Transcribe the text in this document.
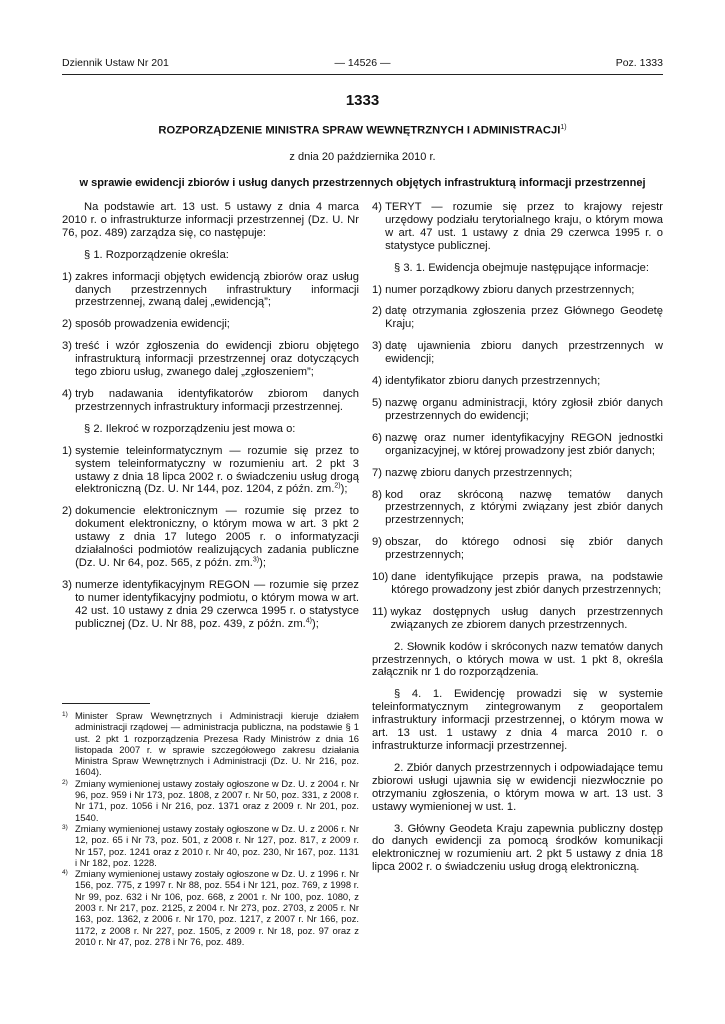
Dziennik Ustaw Nr 201	— 14526 —	Poz. 1333
1333
ROZPORZĄDZENIE MINISTRA SPRAW WEWNĘTRZNYCH I ADMINISTRACJI$^{1)}$
z dnia 20 października 2010 r.
w sprawie ewidencji zbiorów i usług danych przestrzennych objętych infrastrukturą informacji przestrzennej

Na podstawie art. 13 ust. 5 ustawy z dnia 4 marca 2010 r. o infrastrukturze informacji przestrzennej (Dz. U. Nr 76, poz. 489) zarządza się, co następuje:

§ 1. Rozporządzenie określa:

1) zakres informacji objętych ewidencją zbiorów oraz usług danych przestrzennych infrastruktury informacji przestrzennej, zwaną dalej „ewidencją”;
2) sposób prowadzenia ewidencji;
3) treść i wzór zgłoszenia do ewidencji zbioru objętego infrastrukturą informacji przestrzennej oraz dotyczących tego zbioru usług, zwanego dalej „zgłoszeniem”;
4) tryb nadawania identyfikatorów zbiorom danych przestrzennych infrastruktury informacji przestrzennej.

§ 2. Ilekroć w rozporządzeniu jest mowa o:

1) systemie teleinformatycznym — rozumie się przez to system teleinformatyczny w rozumieniu art. 2 pkt 3 ustawy z dnia 18 lipca 2002 r. o świadczeniu usług drogą elektroniczną (Dz. U. Nr 144, poz. 1204, z późn. zm.$^{2)}$);
2) dokumencie elektronicznym — rozumie się przez to dokument elektroniczny, o którym mowa w art. 3 pkt 2 ustawy z dnia 17 lutego 2005 r. o informatyzacji działalności podmiotów realizujących zadania publiczne (Dz. U. Nr 64, poz. 565, z późn. zm.$^{3)}$);
3) numerze identyfikacyjnym REGON — rozumie się przez to numer identyfikacyjny podmiotu, o którym mowa w art. 42 ust. 10 ustawy z dnia 29 czerwca 1995 r. o statystyce publicznej (Dz. U. Nr 88, poz. 439, z późn. zm.$^{4)}$);
1) Minister Spraw Wewnętrznych i Administracji kieruje działem administracji rządowej — administracja publiczna, na podstawie § 1 ust. 2 pkt 1 rozporządzenia Prezesa Rady Ministrów z dnia 16 listopada 2007 r. w sprawie szczegółowego zakresu działania Ministra Spraw Wewnętrznych i Administracji (Dz. U. Nr 216, poz. 1604).
2) Zmiany wymienionej ustawy zostały ogłoszone w Dz. U. z 2004 r. Nr 96, poz. 959 i Nr 173, poz. 1808, z 2007 r. Nr 50, poz. 331, z 2008 r. Nr 171, poz. 1056 i Nr 216, poz. 1371 oraz z 2009 r. Nr 201, poz. 1540.
3) Zmiany wymienionej ustawy zostały ogłoszone w Dz. U. z 2006 r. Nr 12, poz. 65 i Nr 73, poz. 501, z 2008 r. Nr 127, poz. 817, z 2009 r. Nr 157, poz. 1241 oraz z 2010 r. Nr 40, poz. 230, Nr 167, poz. 1131 i Nr 182, poz. 1228.
4) Zmiany wymienionej ustawy zostały ogłoszone w Dz. U. z 1996 r. Nr 156, poz. 775, z 1997 r. Nr 88, poz. 554 i Nr 121, poz. 769, z 1998 r. Nr 99, poz. 632 i Nr 106, poz. 668, z 2001 r. Nr 100, poz. 1080, z 2003 r. Nr 217, poz. 2125, z 2004 r. Nr 273, poz. 2703, z 2005 r. Nr 163, poz. 1362, z 2006 r. Nr 170, poz. 1217, z 2007 r. Nr 166, poz. 1172, z 2008 r. Nr 227, poz. 1505, z 2009 r. Nr 18, poz. 97 oraz z 2010 r. Nr 47, poz. 278 i Nr 76, poz. 489.
4) TERYT — rozumie się przez to krajowy rejestr urzędowy podziału terytorialnego kraju, o którym mowa w art. 47 ust. 1 ustawy z dnia 29 czerwca 1995 r. o statystyce publicznej.

§ 3. 1. Ewidencja obejmuje następujące informacje:

1) numer porządkowy zbioru danych przestrzennych;
2) datę otrzymania zgłoszenia przez Głównego Geodetę Kraju;
3) datę ujawnienia zbioru danych przestrzennych w ewidencji;
4) identyfikator zbioru danych przestrzennych;
5) nazwę organu administracji, który zgłosił zbiór danych przestrzennych do ewidencji;
6) nazwę oraz numer identyfikacyjny REGON jednostki organizacyjnej, w której prowadzony jest zbiór danych;
7) nazwę zbioru danych przestrzennych;
8) kod oraz skróconą nazwę tematów danych przestrzennych, z którymi związany jest zbiór danych przestrzennych;
9) obszar, do którego odnosi się zbiór danych przestrzennych;
10) dane identyfikujące przepis prawa, na podstawie którego prowadzony jest zbiór danych przestrzennych;
11) wykaz dostępnych usług danych przestrzennych związanych ze zbiorem danych przestrzennych.

2. Słownik kodów i skróconych nazw tematów danych przestrzennych, o których mowa w ust. 1 pkt 8, określa załącznik nr 1 do rozporządzenia.

§ 4. 1. Ewidencję prowadzi się w systemie teleinformatycznym zintegrowanym z geoportalem infrastruktury informacji przestrzennej, o którym mowa w art. 13 ust. 1 ustawy z dnia 4 marca 2010 r. o infrastrukturze informacji przestrzennej.

2. Zbiór danych przestrzennych i odpowiadające temu zbiorowi usługi ujawnia się w ewidencji niezwłocznie po otrzymaniu zgłoszenia, o którym mowa w art. 13 ust. 3 ustawy wymienionej w ust. 1.

3. Główny Geodeta Kraju zapewnia publiczny dostęp do danych ewidencji za pomocą środków komunikacji elektronicznej w rozumieniu art. 2 pkt 5 ustawy z dnia 18 lipca 2002 r. o świadczeniu usług drogą elektroniczną.
